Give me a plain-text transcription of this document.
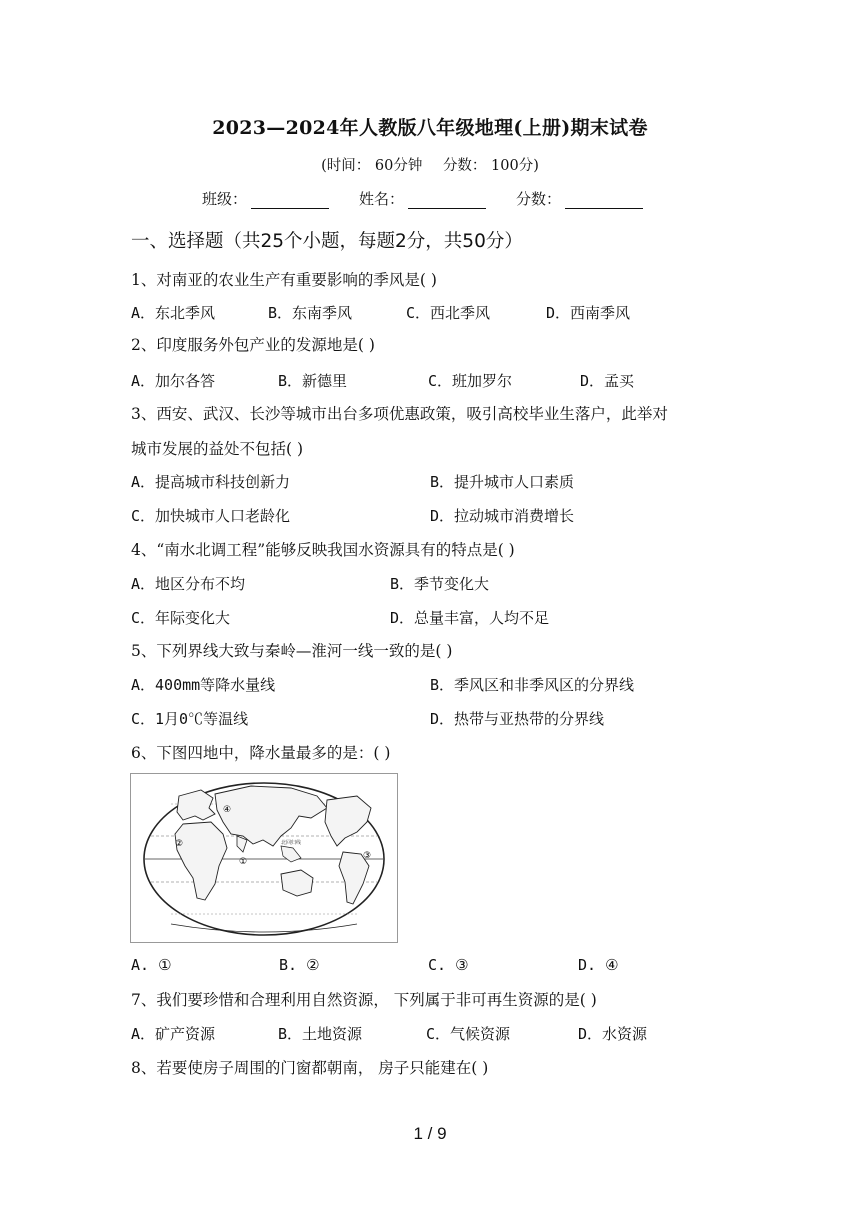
2023—2024年人教版八年级地理(上册)期末试卷
(时间： 60分钟 分数： 100分)
班级：	姓名：	分数：
一、选择题（共25个小题，每题2分，共50分）
1、对南亚的农业生产有重要影响的季风是( )
A．东北季风	B．东南季风	C．西北季风	D．西南季风
2、印度服务外包产业的发源地是( )
A．加尔各答	B．新德里	C．班加罗尔	D．孟买
3、西安、武汉、长沙等城市出台多项优惠政策，吸引高校毕业生落户，此举对
城市发展的益处不包括( )
A．提高城市科技创新力	B．提升城市人口素质
C．加快城市人口老龄化	D．拉动城市消费增长
4、“南水北调工程”能够反映我国水资源具有的特点是( )
A．地区分布不均	B．季节变化大
C．年际变化大	D．总量丰富，人均不足
5、下列界线大致与秦岭—淮河一线一致的是( )
A．400mm等降水量线	B．季风区和非季风区的分界线
C．1月0℃等温线	D．热带与亚热带的分界线
6、下图四地中，降水量最多的是：( )
④
②
①
③
北回归线
A. ①	B. ②	C. ③	D. ④
7、我们要珍惜和合理利用自然资源， 下列属于非可再生资源的是( )
A．矿产资源	B．土地资源	C．气候资源	D．水资源
8、若要使房子周围的门窗都朝南， 房子只能建在( )
1 / 9
